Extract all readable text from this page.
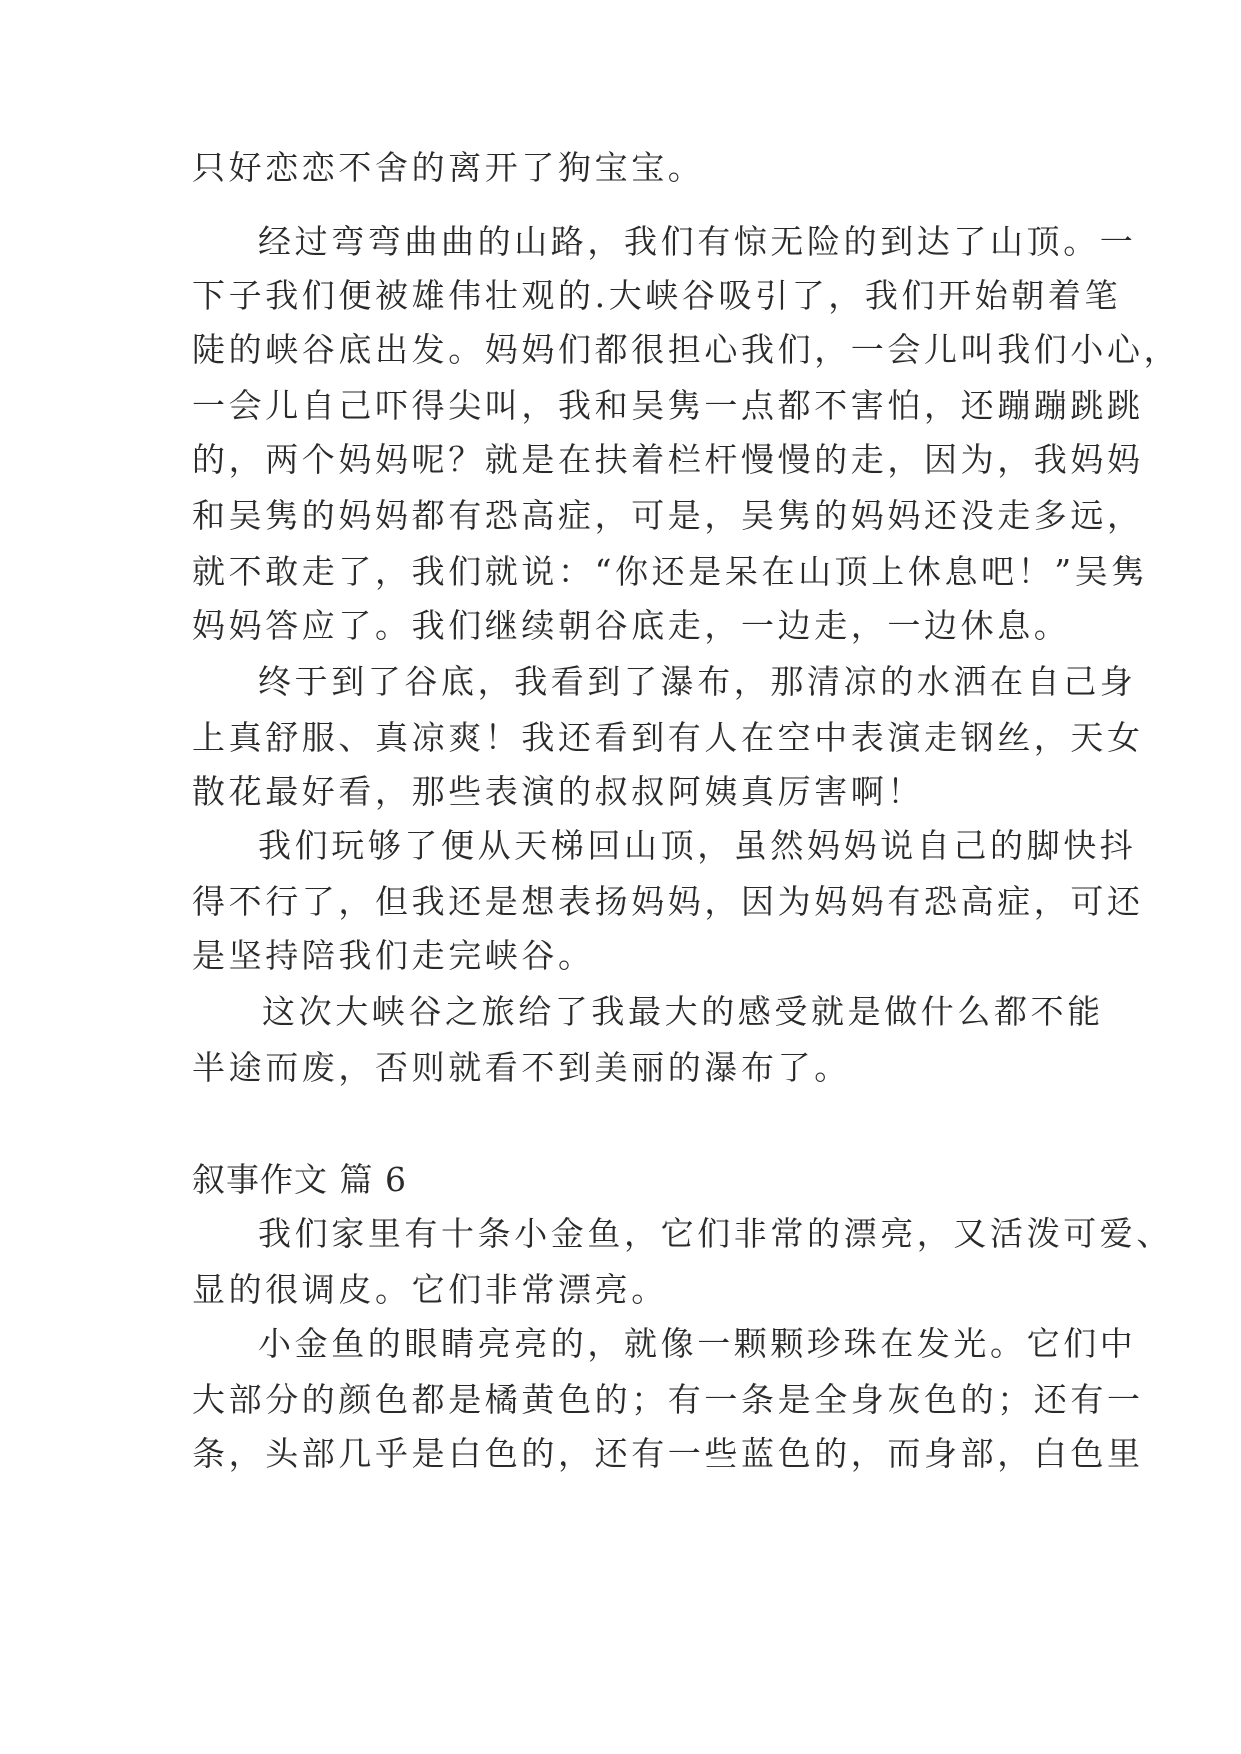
只好恋恋不舍的离开了狗宝宝。
经过弯弯曲曲的山路，我们有惊无险的到达了山顶。一
下子我们便被雄伟壮观的.大峡谷吸引了，我们开始朝着笔
陡的峡谷底出发。妈妈们都很担心我们，一会儿叫我们小心，
一会儿自己吓得尖叫，我和吴隽一点都不害怕，还蹦蹦跳跳
的，两个妈妈呢？就是在扶着栏杆慢慢的走，因为，我妈妈
和吴隽的妈妈都有恐高症，可是，吴隽的妈妈还没走多远，
就不敢走了，我们就说：“你还是呆在山顶上休息吧！”吴隽
妈妈答应了。我们继续朝谷底走，一边走，一边休息。
终于到了谷底，我看到了瀑布，那清凉的水洒在自己身
上真舒服、真凉爽！我还看到有人在空中表演走钢丝，天女
散花最好看，那些表演的叔叔阿姨真厉害啊！
我们玩够了便从天梯回山顶，虽然妈妈说自己的脚快抖
得不行了，但我还是想表扬妈妈，因为妈妈有恐高症，可还
是坚持陪我们走完峡谷。
这次大峡谷之旅给了我最大的感受就是做什么都不能
半途而废，否则就看不到美丽的瀑布了。
叙事作文 篇 6
我们家里有十条小金鱼，它们非常的漂亮，又活泼可爱、
显的很调皮。它们非常漂亮。
小金鱼的眼睛亮亮的，就像一颗颗珍珠在发光。它们中
大部分的颜色都是橘黄色的；有一条是全身灰色的；还有一
条，头部几乎是白色的，还有一些蓝色的，而身部，白色里
